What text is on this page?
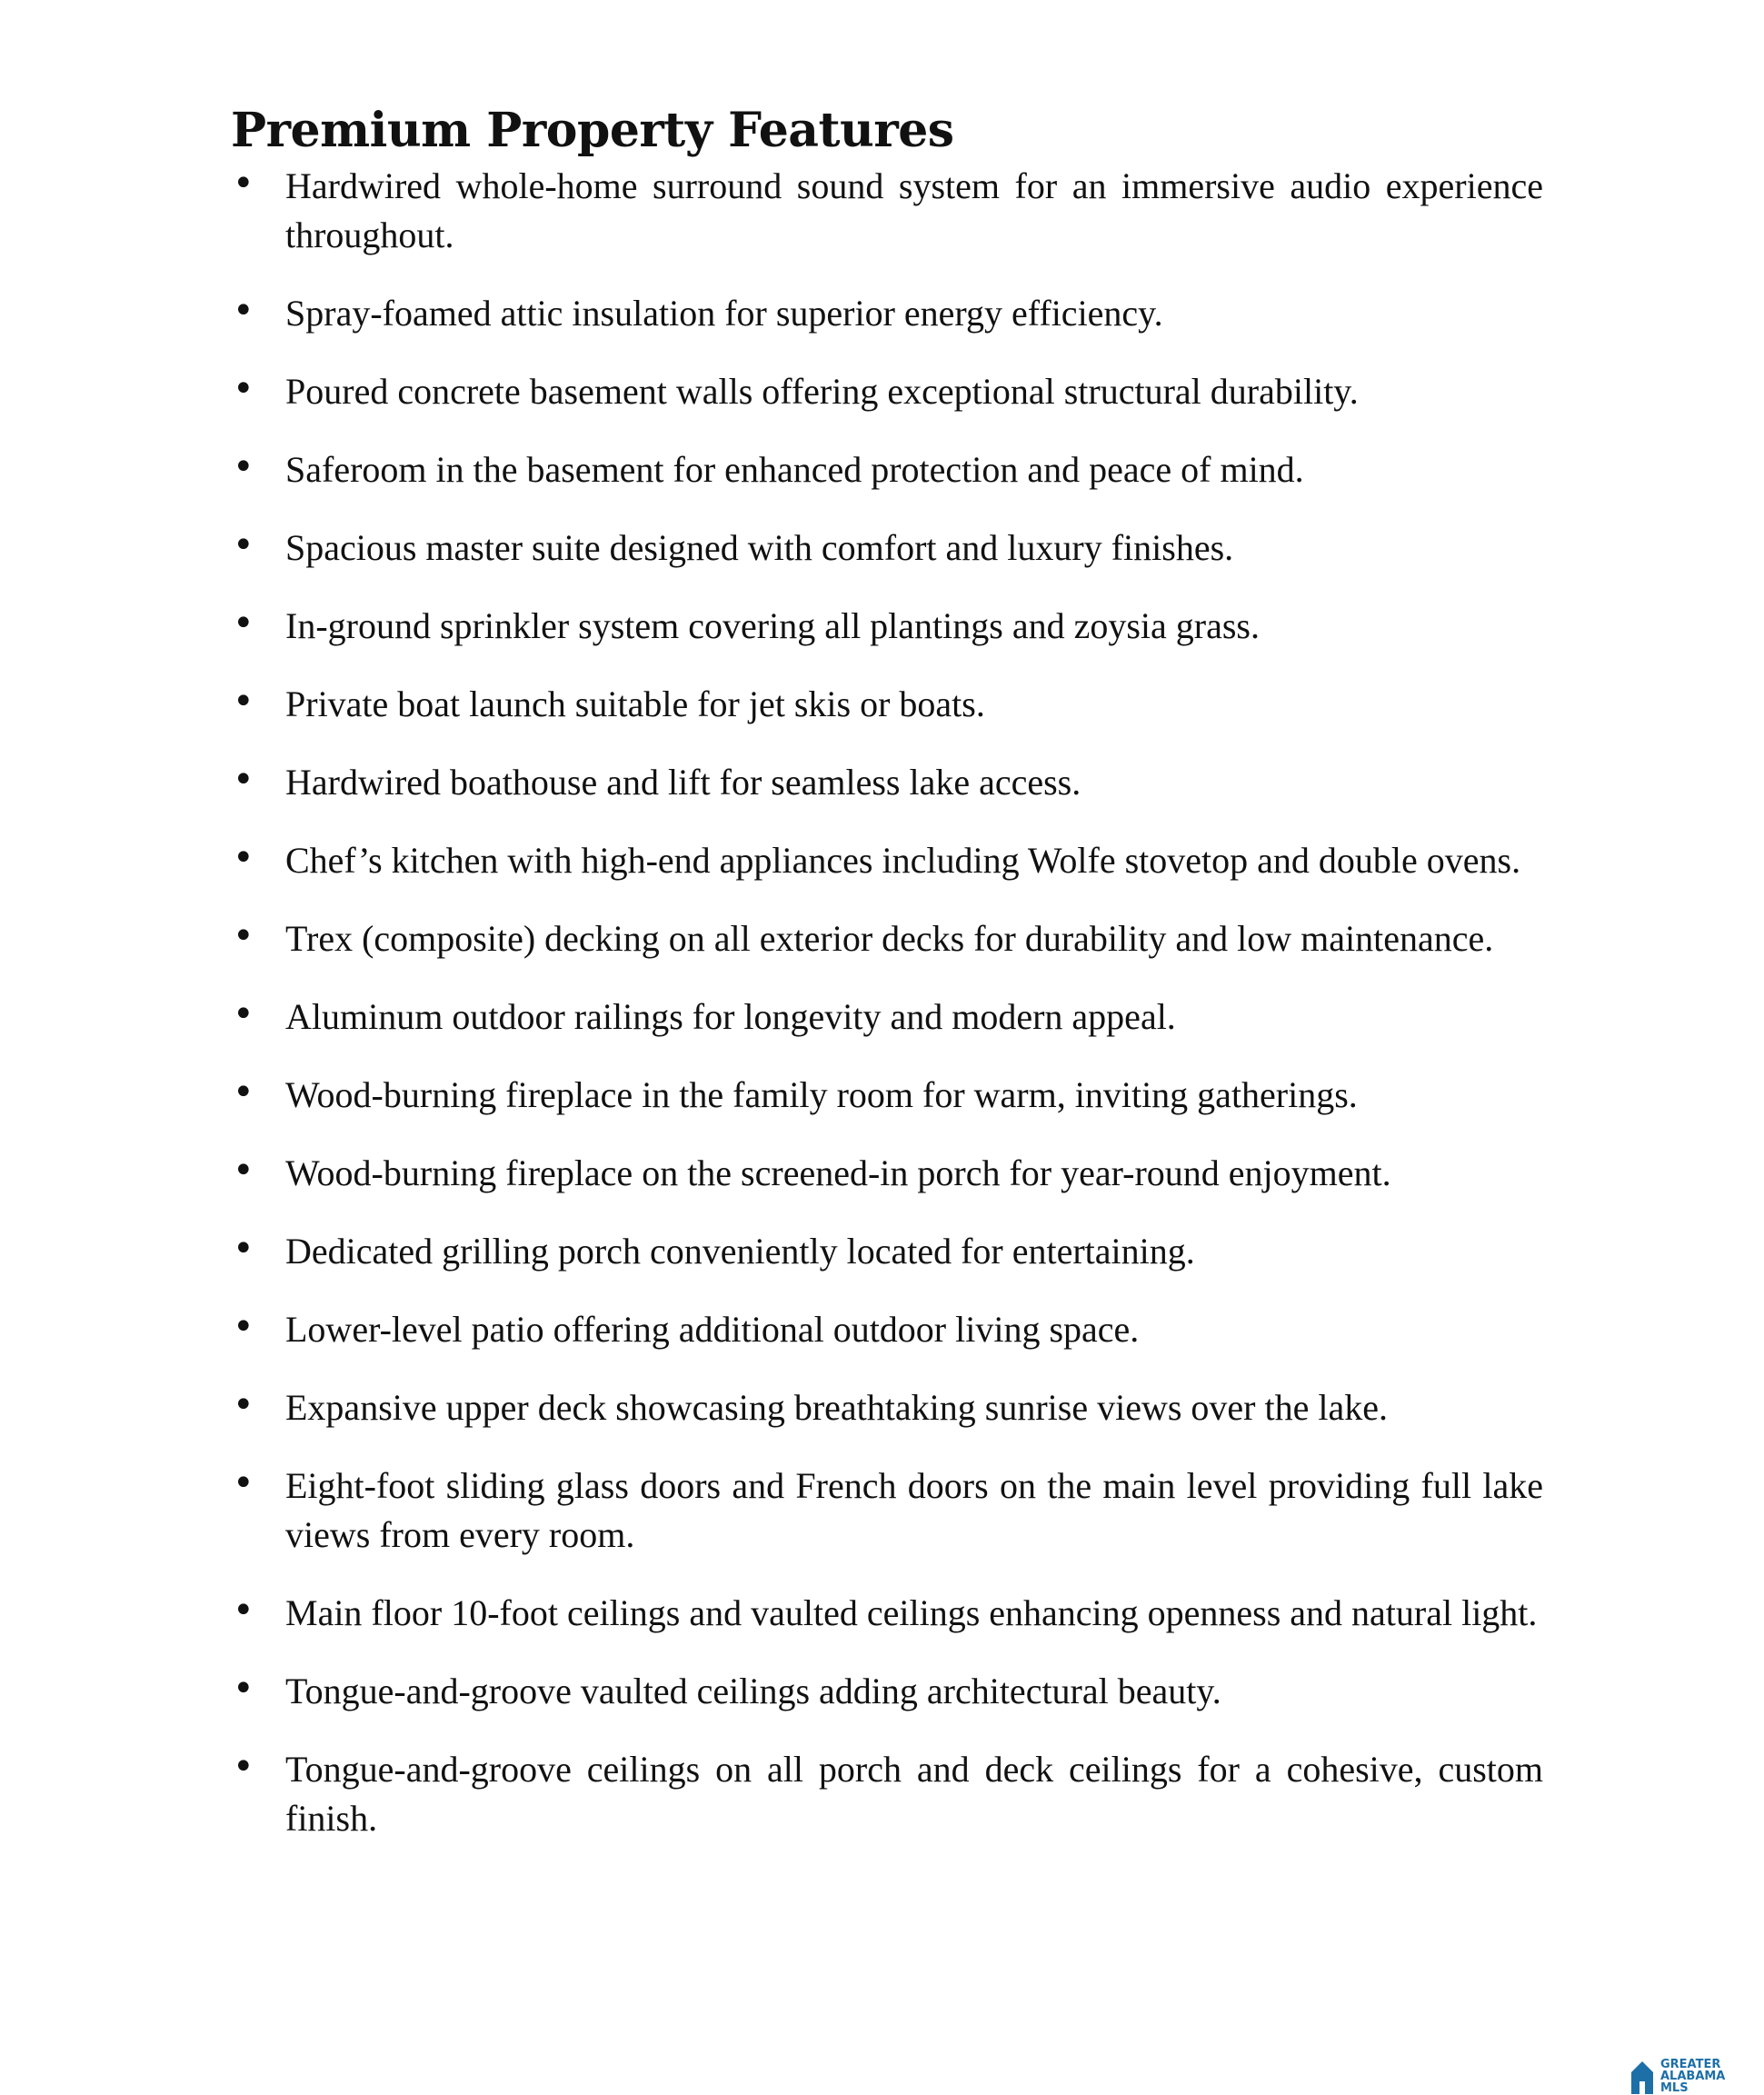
Premium Property Features
• Hardwired whole-home surround sound system for an immersive audio experience throughout.
• Spray-foamed attic insulation for superior energy efficiency.
• Poured concrete basement walls offering exceptional structural durability.
• Saferoom in the basement for enhanced protection and peace of mind.
• Spacious master suite designed with comfort and luxury finishes.
• In-ground sprinkler system covering all plantings and zoysia grass.
• Private boat launch suitable for jet skis or boats.
• Hardwired boathouse and lift for seamless lake access.
• Chef’s kitchen with high-end appliances including Wolfe stovetop and double ovens.
• Trex (composite) decking on all exterior decks for durability and low maintenance.
• Aluminum outdoor railings for longevity and modern appeal.
• Wood-burning fireplace in the family room for warm, inviting gatherings.
• Wood-burning fireplace on the screened-in porch for year-round enjoyment.
• Dedicated grilling porch conveniently located for entertaining.
• Lower-level patio offering additional outdoor living space.
• Expansive upper deck showcasing breathtaking sunrise views over the lake.
• Eight-foot sliding glass doors and French doors on the main level providing full lake views from every room.
• Main floor 10-foot ceilings and vaulted ceilings enhancing openness and natural light.
• Tongue-and-groove vaulted ceilings adding architectural beauty.
• Tongue-and-groove ceilings on all porch and deck ceilings for a cohesive, custom finish.
GREATER
ALABAMA
MLS
